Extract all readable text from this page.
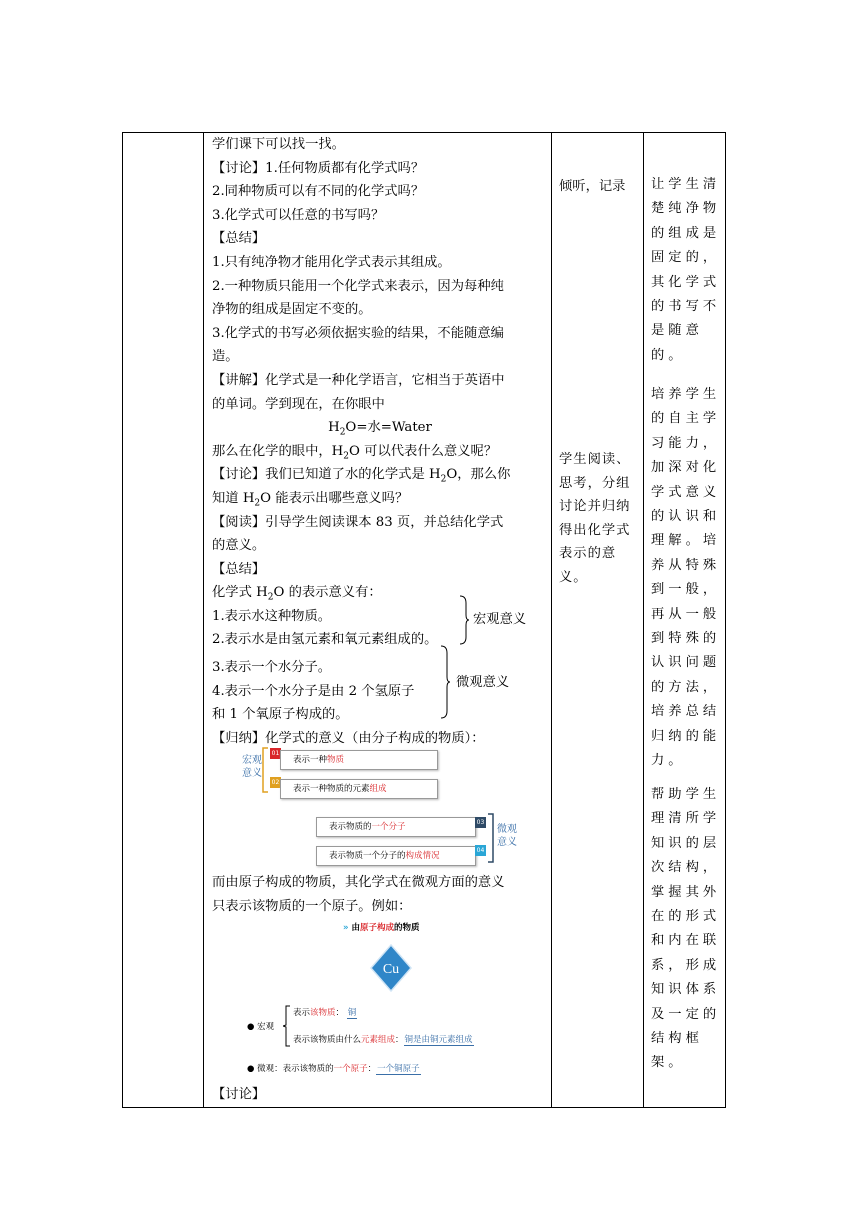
学们课下可以找一找。
【讨论】1.任何物质都有化学式吗？
2.同种物质可以有不同的化学式吗？
3.化学式可以任意的书写吗？
【总结】
1.只有纯净物才能用化学式表示其组成。
2.一种物质只能用一个化学式来表示，因为每种纯
净物的组成是固定不变的。
3.化学式的书写必须依据实验的结果，不能随意编
造。
【讲解】化学式是一种化学语言，它相当于英语中
的单词。学到现在，在你眼中
$H_2O=$水=Water
那么在化学的眼中，$H_2O$ 可以代表什么意义呢？
【讨论】我们已知道了水的化学式是 $H_2O$，那么你
知道 $H_2O$ 能表示出哪些意义吗？
【阅读】引导学生阅读课本 83 页，并总结化学式
的意义。
【总结】
化学式 $H_2O$ 的表示意义有：
1.表示水这种物质。
2.表示水是由氢元素和氧元素组成的。
3.表示一个水分子。
4.表示一个水分子是由 2 个氢原子
和 1 个氧原子构成的。
【归纳】化学式的意义（由分子构成的物质）：
宏观意义
微观意义
宏观
意义
01
表示一种物质
02
表示一种物质的元素组成
表示物质的一个分子	03
表示物质一个分子的构成情况
04
微观
意义
而由原子构成的物质，其化学式在微观方面的意义
只表示该物质的一个原子。例如：
» 由原子构成的物质
Cu
● 宏观
表示该物质： 铜
表示该物质由什么元素组成：铜是由铜元素组成
● 微观：表示该物质的一个原子：一个铜原子
【讨论】
倾听，记录
学生阅读、思考，分组讨论并归纳得出化学式表示的意义。
让学生清楚纯净物的组成是固定的，其化学式的书写不是随意的。
培养学生的自主学习能力，加深对化学式意义的认识和理解。培养从特殊到一般，再从一般到特殊的认识问题的方法，培养总结归纳的能力。
帮助学生理清所学知识的层次结构，掌握其外在的形式和内在联系，形成知识体系及一定的结构框架。
